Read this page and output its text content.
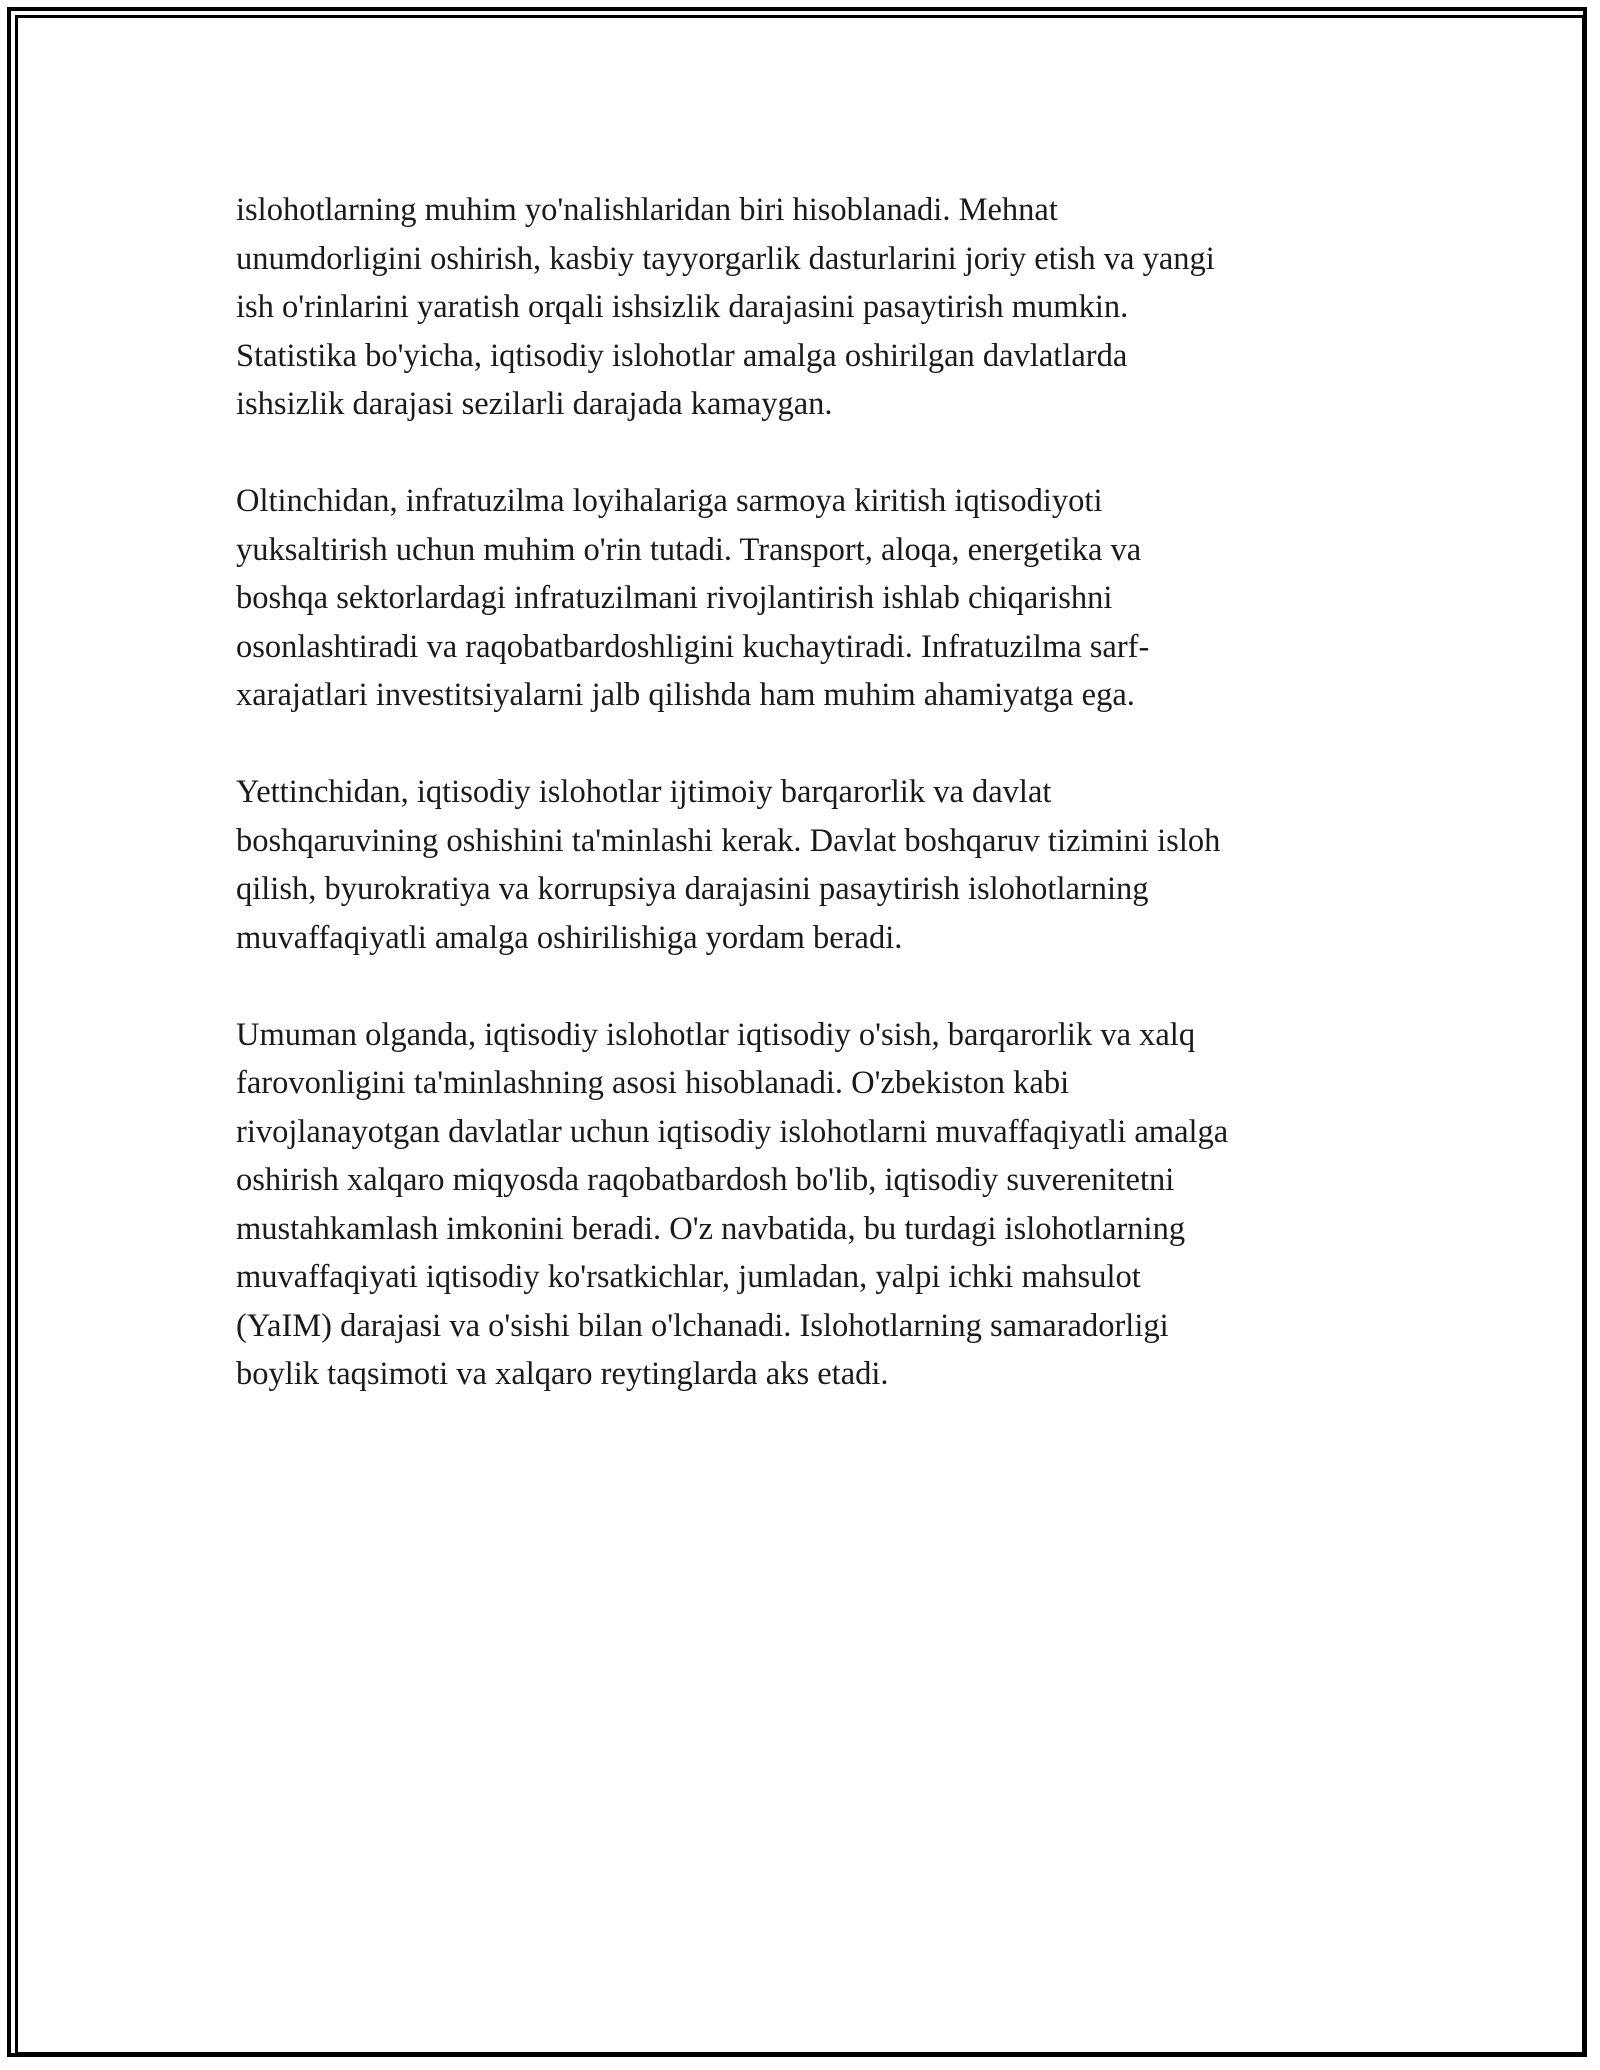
islohotlarning muhim yo'nalishlaridan biri hisoblanadi. Mehnat
unumdorligini oshirish, kasbiy tayyorgarlik dasturlarini joriy etish va yangi
ish o'rinlarini yaratish orqali ishsizlik darajasini pasaytirish mumkin.
Statistika bo'yicha, iqtisodiy islohotlar amalga oshirilgan davlatlarda
ishsizlik darajasi sezilarli darajada kamaygan.

Oltinchidan, infratuzilma loyihalariga sarmoya kiritish iqtisodiyoti
yuksaltirish uchun muhim o'rin tutadi. Transport, aloqa, energetika va
boshqa sektorlardagi infratuzilmani rivojlantirish ishlab chiqarishni
osonlashtiradi va raqobatbardoshligini kuchaytiradi. Infratuzilma sarf-
xarajatlari investitsiyalarni jalb qilishda ham muhim ahamiyatga ega.

Yettinchidan, iqtisodiy islohotlar ijtimoiy barqarorlik va davlat
boshqaruvining oshishini ta'minlashi kerak. Davlat boshqaruv tizimini isloh
qilish, byurokratiya va korrupsiya darajasini pasaytirish islohotlarning
muvaffaqiyatli amalga oshirilishiga yordam beradi.

Umuman olganda, iqtisodiy islohotlar iqtisodiy o'sish, barqarorlik va xalq
farovonligini ta'minlashning asosi hisoblanadi. O'zbekiston kabi
rivojlanayotgan davlatlar uchun iqtisodiy islohotlarni muvaffaqiyatli amalga
oshirish xalqaro miqyosda raqobatbardosh bo'lib, iqtisodiy suverenitetni
mustahkamlash imkonini beradi. O'z navbatida, bu turdagi islohotlarning
muvaffaqiyati iqtisodiy ko'rsatkichlar, jumladan, yalpi ichki mahsulot
(YaIM) darajasi va o'sishi bilan o'lchanadi. Islohotlarning samaradorligi
boylik taqsimoti va xalqaro reytinglarda aks etadi.
